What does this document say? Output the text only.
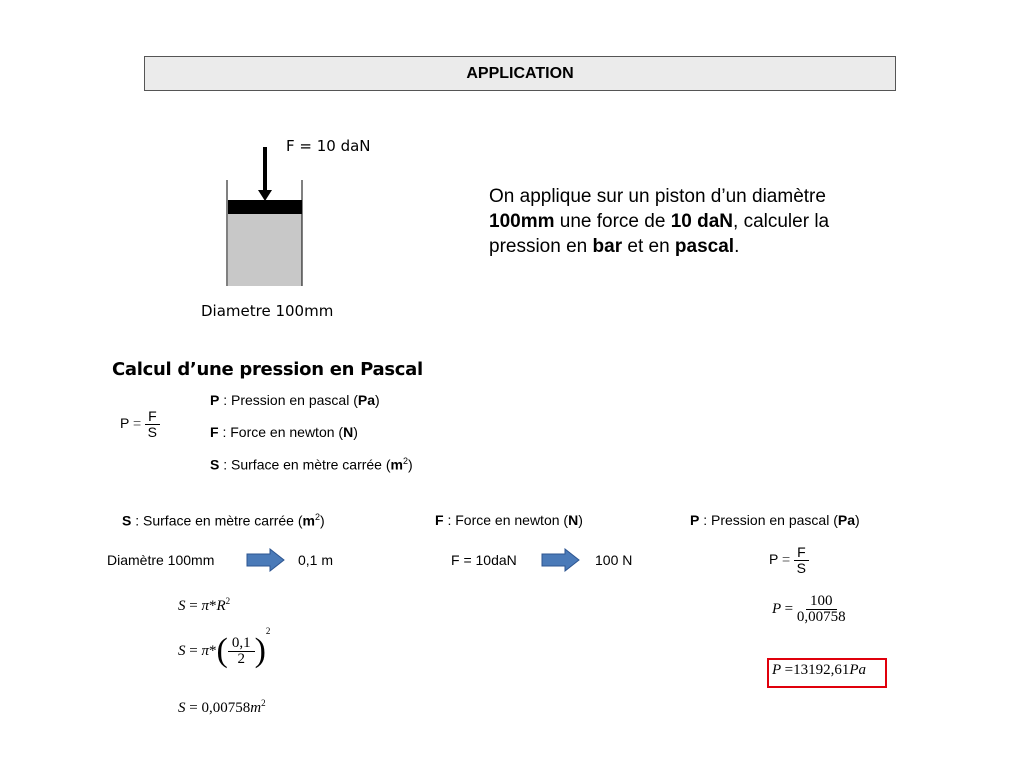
APPLICATION
F = 10 daN
Diametre 100mm
On applique sur un piston d’un diamètre 100mm une force de 10 daN, calculer la pression en bar et en pascal.
Calcul d’une pression en Pascal
$P = \frac{F}{S}$
P : Pression en pascal (Pa)
F : Force en newton (N)
S : Surface en mètre carrée $(m^2)$
S : Surface en mètre carrée $(m^2)$	F : Force en newton (N)	P : Pression en pascal (Pa)
Diamètre 100mm	0,1 m	F = 10daN	100 N
$S = \pi*R^2$
S
=
π * ( $\frac{0,1}{2}$ )
2
$S = 0,00758m^2$
$P = \frac{F}{S}$
$P = \frac{100}{0,00758}$
P =13192,61Pa
